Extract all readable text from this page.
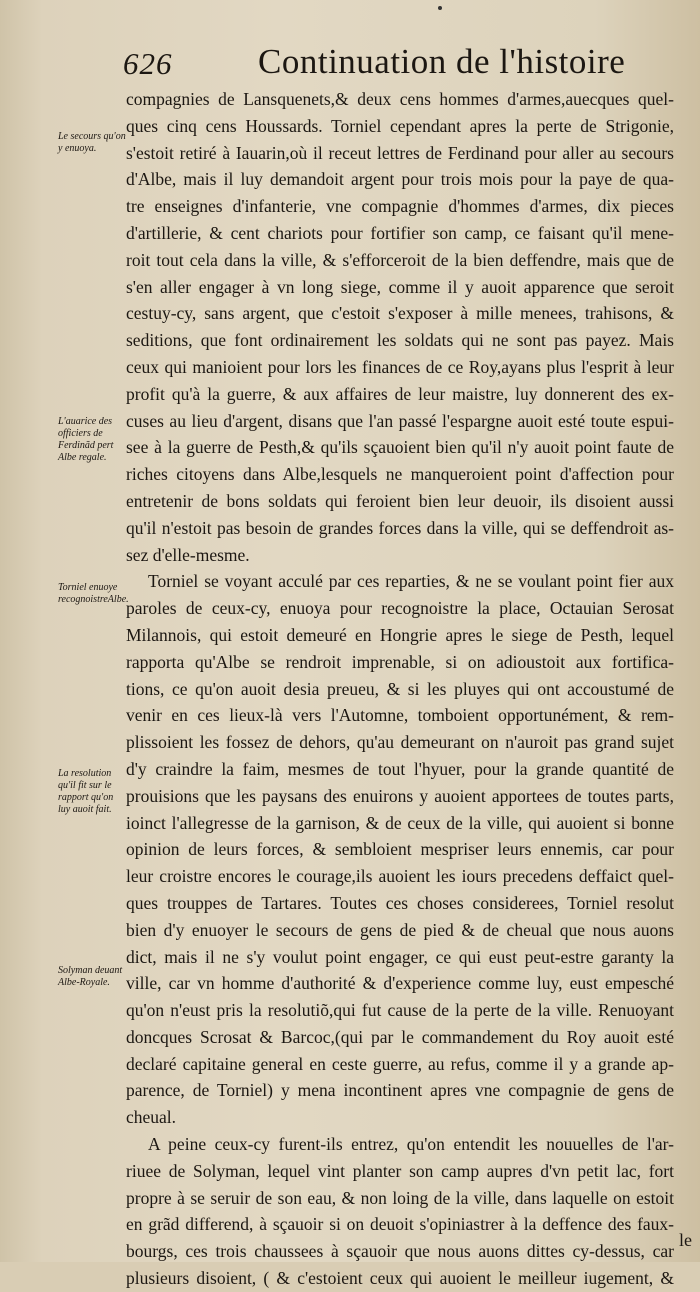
626 Continuation de l'histoire
Le secours qu'on y enuoya.
L'auarice des officiers de Ferdinãd pert Albe regale.
Torniel enuoye recognoistreAlbe.
La resolution qu'il fit sur le rapport qu'on luy auoit fait.
Solyman deuant Albe-Royale.
compagnies de Lansquenets,& deux cens hommes d'armes,auecques quel-
ques cinq cens Houssards. Torniel cependant apres la perte de Strigonie,
s'estoit retiré à Iauarin,où il receut lettres de Ferdinand pour aller au secours
d'Albe, mais il luy demandoit argent pour trois mois pour la paye de qua-
tre enseignes d'infanterie, vne compagnie d'hommes d'armes, dix pieces
d'artillerie, & cent chariots pour fortifier son camp, ce faisant qu'il mene-
roit tout cela dans la ville, & s'efforceroit de la bien deffendre, mais que de
s'en aller engager à vn long siege, comme il y auoit apparence que seroit
cestuy-cy, sans argent, que c'estoit s'exposer à mille menees, trahisons, &
seditions, que font ordinairement les soldats qui ne sont pas payez. Mais
ceux qui manioient pour lors les finances de ce Roy,ayans plus l'esprit à leur
profit qu'à la guerre, & aux affaires de leur maistre, luy donnerent des ex-
cuses au lieu d'argent, disans que l'an passé l'espargne auoit esté toute espui-
see à la guerre de Pesth,& qu'ils sçauoient bien qu'il n'y auoit point faute de
riches citoyens dans Albe,lesquels ne manqueroient point d'affection pour
entretenir de bons soldats qui feroient bien leur deuoir, ils disoient aussi
qu'il n'estoit pas besoin de grandes forces dans la ville, qui se deffendroit as-
sez d'elle-mesme.
Torniel se voyant acculé par ces reparties, & ne se voulant point fier aux
paroles de ceux-cy, enuoya pour recognoistre la place, Octauian Serosat
Milannois, qui estoit demeuré en Hongrie apres le siege de Pesth, lequel
rapporta qu'Albe se rendroit imprenable, si on adioustoit aux fortifica-
tions, ce qu'on auoit desia preueu, & si les pluyes qui ont accoustumé de
venir en ces lieux-là vers l'Automne, tomboient opportunément, & rem-
plissoient les fossez de dehors, qu'au demeurant on n'auroit pas grand sujet
d'y craindre la faim, mesmes de tout l'hyuer, pour la grande quantité de
prouisions que les paysans des enuirons y auoient apportees de toutes parts,
ioinct l'allegresse de la garnison, & de ceux de la ville, qui auoient si bonne
opinion de leurs forces, & sembloient mespriser leurs ennemis, car pour
leur croistre encores le courage,ils auoient les iours precedens deffaict quel-
ques trouppes de Tartares. Toutes ces choses considerees, Torniel resolut
bien d'y enuoyer le secours de gens de pied & de cheual que nous auons
dict, mais il ne s'y voulut point engager, ce qui eust peut-estre garanty la
ville, car vn homme d'authorité & d'experience comme luy, eust empesché
qu'on n'eust pris la resolutiõ,qui fut cause de la perte de la ville. Renuoyant
doncques Scrosat & Barcoc,(qui par le commandement du Roy auoit esté
declaré capitaine general en ceste guerre, au refus, comme il y a grande ap-
parence, de Torniel) y mena incontinent apres vne compagnie de gens de
cheual.
A peine ceux-cy furent-ils entrez, qu'on entendit les nouuelles de l'ar-
riuee de Solyman, lequel vint planter son camp aupres d'vn petit lac, fort
propre à se seruir de son eau, & non loing de la ville, dans laquelle on estoit
en grãd differend, à sçauoir si on deuoit s'opiniastrer à la deffence des faux-
bourgs, ces trois chaussees à sçauoir que nous auons dittes cy-dessus, car
plusieurs disoient, ( & c'estoient ceux qui auoient le meilleur iugement, &
le
